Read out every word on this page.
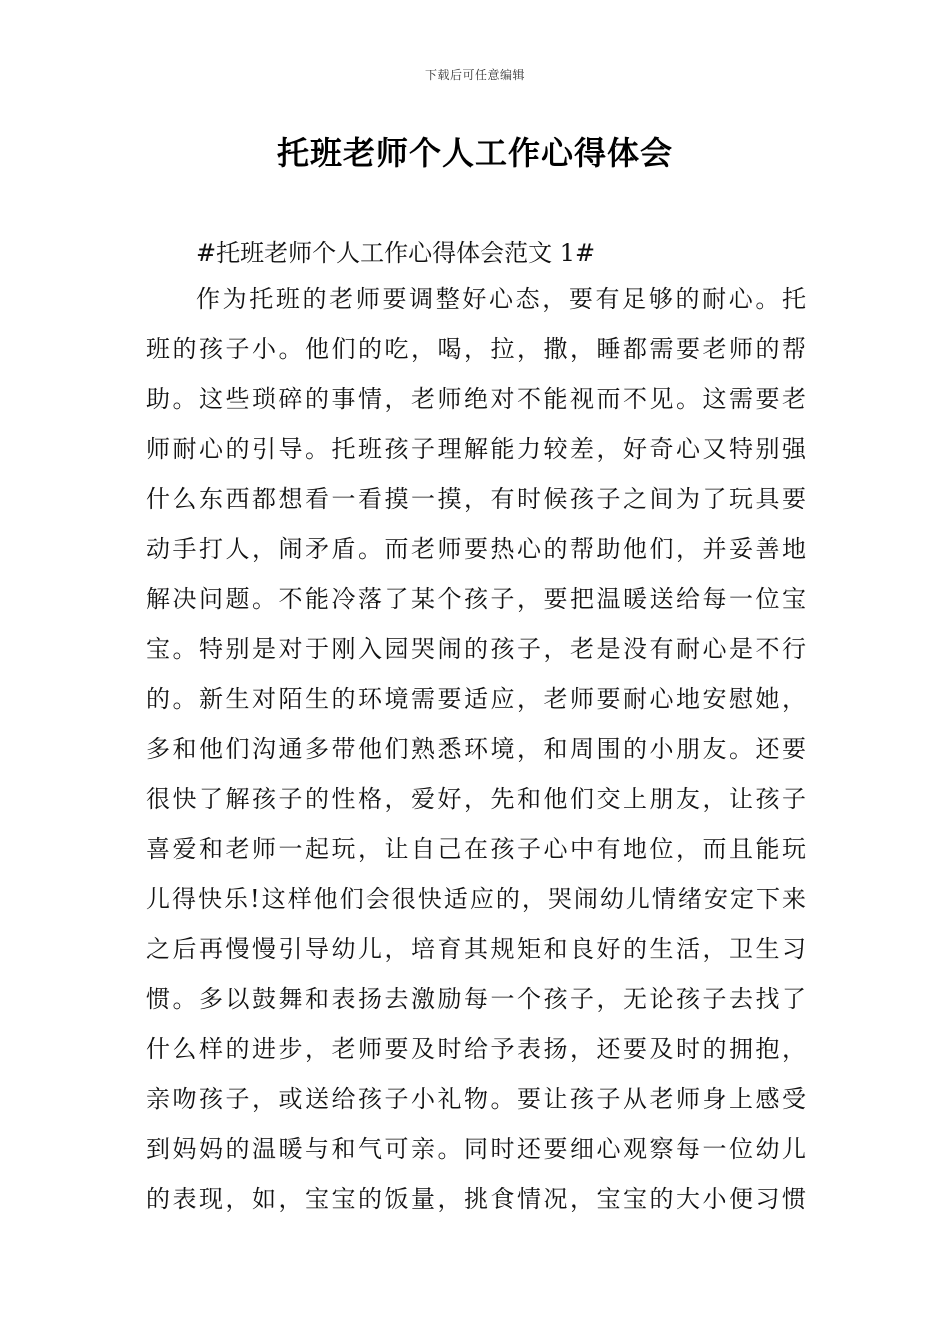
下载后可任意编辑
托班老师个人工作心得体会
#托班老师个人工作心得体会范文 1#
作为托班的老师要调整好心态，要有足够的耐心。托
班的孩子小。他们的吃，喝，拉，撒，睡都需要老师的帮
助。这些琐碎的事情，老师绝对不能视而不见。这需要老
师耐心的引导。托班孩子理解能力较差，好奇心又特别强
什么东西都想看一看摸一摸，有时候孩子之间为了玩具要
动手打人，闹矛盾。而老师要热心的帮助他们，并妥善地
解决问题。不能冷落了某个孩子，要把温暖送给每一位宝
宝。特别是对于刚入园哭闹的孩子，老是没有耐心是不行
的。新生对陌生的环境需要适应，老师要耐心地安慰她，
多和他们沟通多带他们熟悉环境，和周围的小朋友。还要
很快了解孩子的性格，爱好，先和他们交上朋友，让孩子
喜爱和老师一起玩，让自己在孩子心中有地位，而且能玩
儿得快乐!这样他们会很快适应的，哭闹幼儿情绪安定下来
之后再慢慢引导幼儿，培育其规矩和良好的生活，卫生习
惯。多以鼓舞和表扬去激励每一个孩子，无论孩子去找了
什么样的进步，老师要及时给予表扬，还要及时的拥抱，
亲吻孩子，或送给孩子小礼物。要让孩子从老师身上感受
到妈妈的温暖与和气可亲。同时还要细心观察每一位幼儿
的表现，如，宝宝的饭量，挑食情况，宝宝的大小便习惯
